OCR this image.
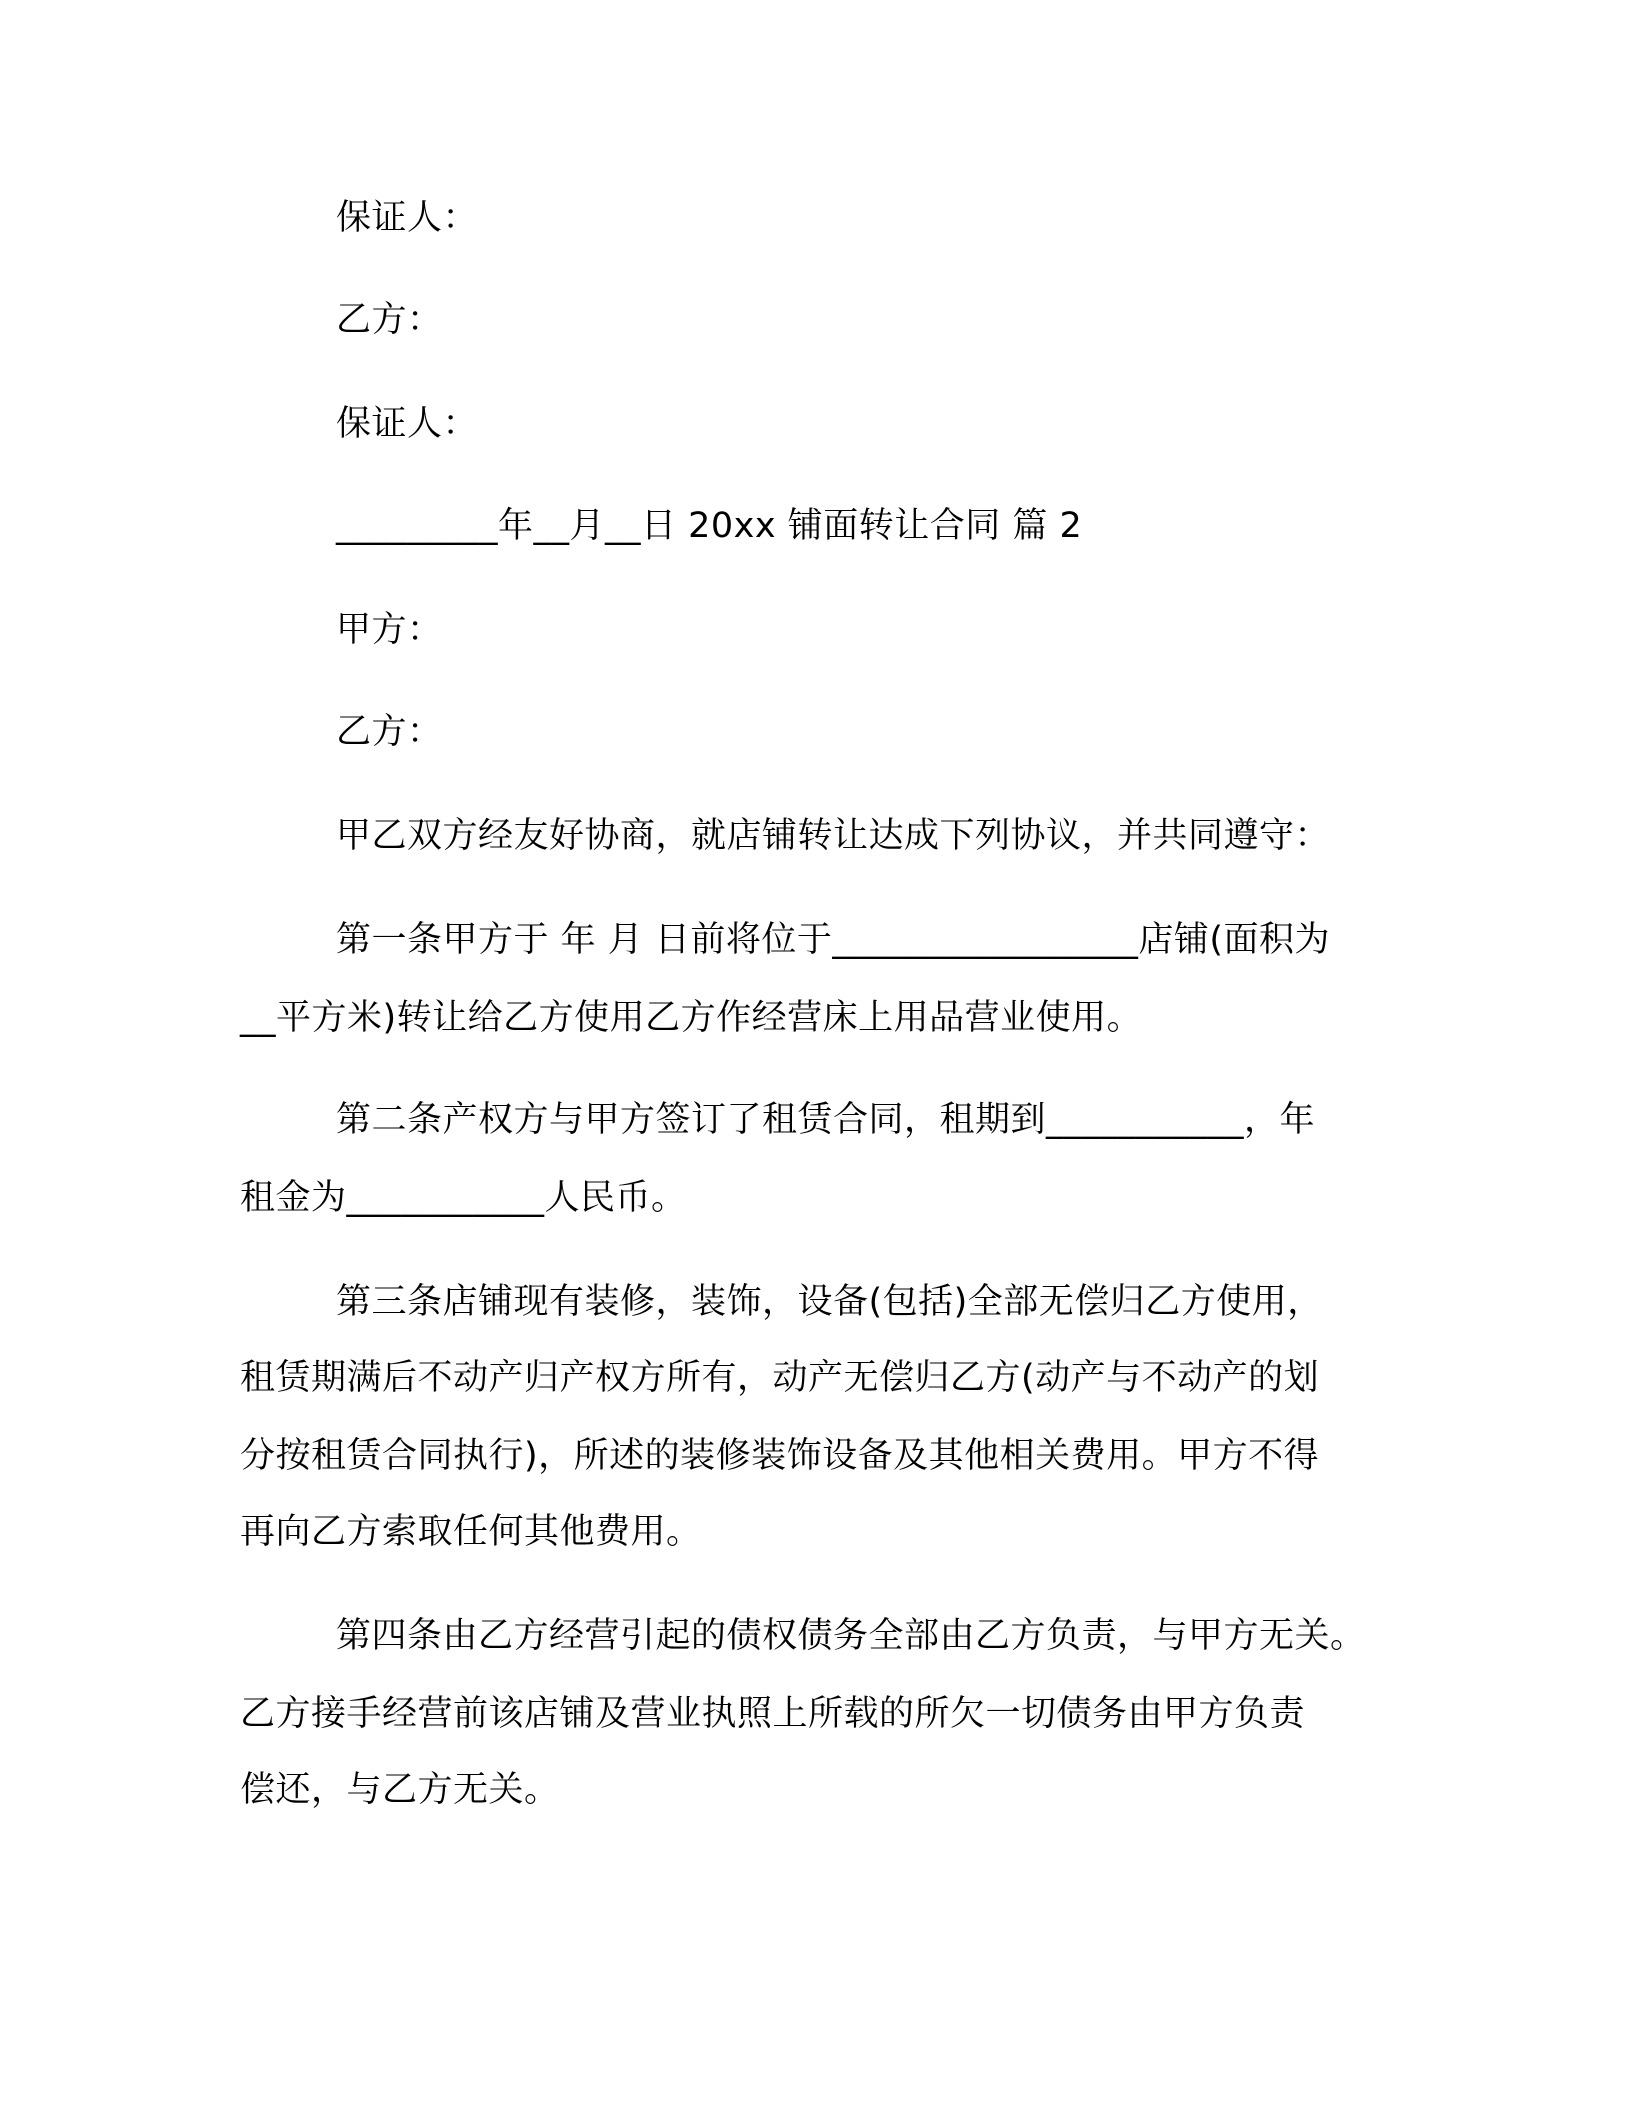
保证人：
乙方：
保证人：
_________年__月__日 20xx 铺面转让合同 篇 2
甲方：
乙方：
甲乙双方经友好协商，就店铺转让达成下列协议，并共同遵守：
第一条甲方于 年 月 日前将位于_________________店铺(面积为
__平方米)转让给乙方使用乙方作经营床上用品营业使用。
第二条产权方与甲方签订了租赁合同，租期到___________，年
租金为___________人民币。
第三条店铺现有装修，装饰，设备(包括)全部无偿归乙方使用，
租赁期满后不动产归产权方所有，动产无偿归乙方(动产与不动产的划
分按租赁合同执行)，所述的装修装饰设备及其他相关费用。甲方不得
再向乙方索取任何其他费用。
第四条由乙方经营引起的债权债务全部由乙方负责，与甲方无关。
乙方接手经营前该店铺及营业执照上所载的所欠一切债务由甲方负责
偿还，与乙方无关。
